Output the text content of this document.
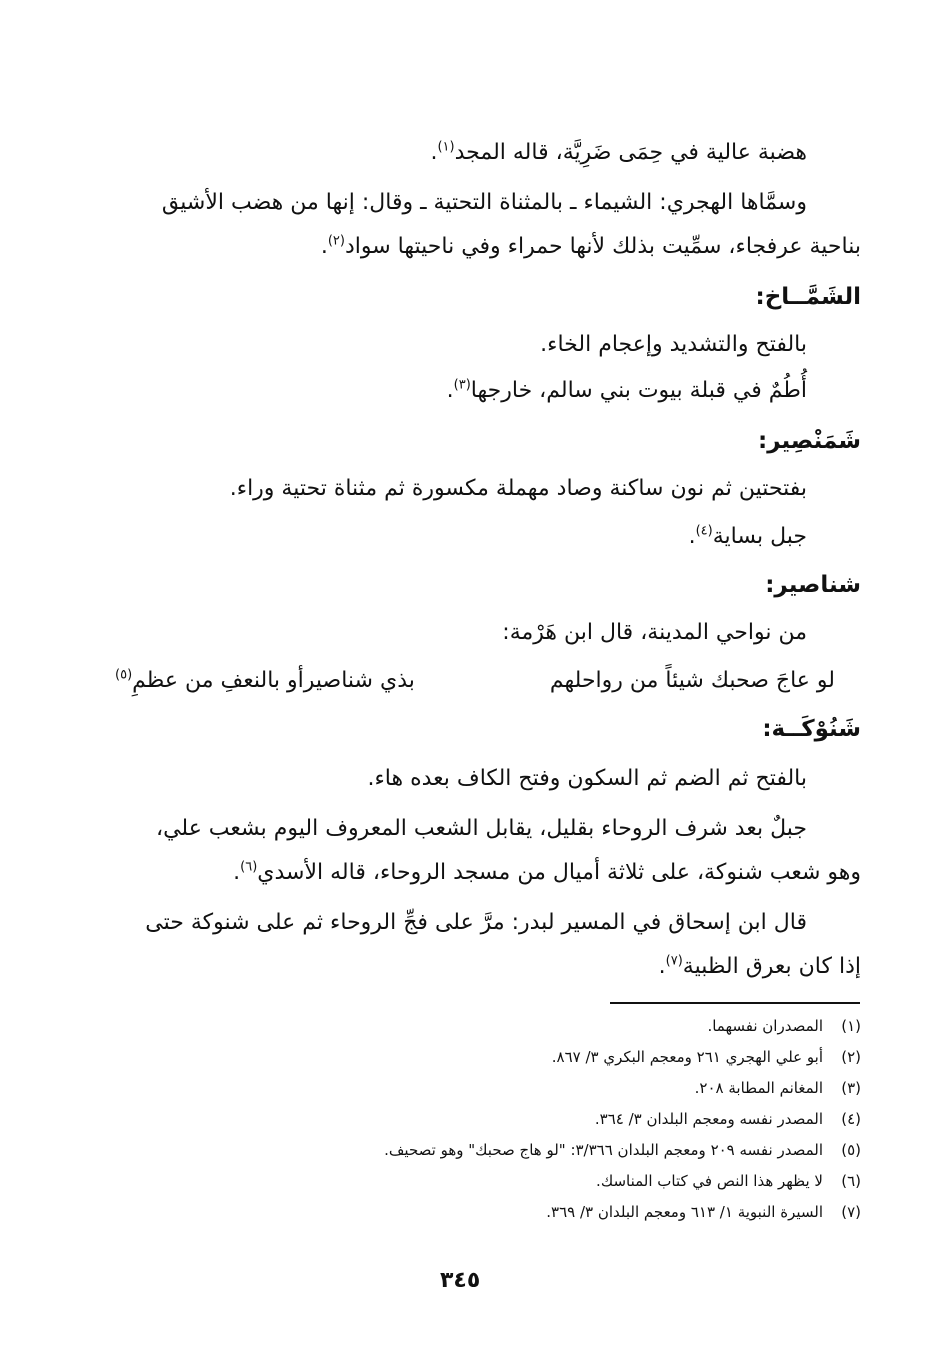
هضبة عالية في حِمَى ضَرِيَّة، قاله المجد$^{(١)}$.
وسمَّاها الهجري: الشيماء ـ بالمثناة التحتية ـ وقال: إنها من هضب الأشيق
بناحية عرفجاء، سمِّيت بذلك لأنها حمراء وفي ناحيتها سواد$^{(٢)}$.
الشَمَّــاخ:
بالفتح والتشديد وإعجام الخاء.
أُطُمٌ في قبلة بيوت بني سالم، خارجها$^{(٣)}$.
شَمَنْصِير:
بفتحتين ثم نون ساكنة وصاد مهملة مكسورة ثم مثناة تحتية وراء.
جبل بساية$^{(٤)}$.
شناصير:
من نواحي المدينة، قال ابن هَرْمة:
لو عاجَ صحبك شيئاً من رواحلهم
بذي شناصيرأو بالنعفِ من عظمِ$^{(٥)}$
شَنُوْكَــة:
بالفتح ثم الضم ثم السكون وفتح الكاف بعده هاء.
جبلٌ بعد شرف الروحاء بقليل، يقابل الشعب المعروف اليوم بشعب علي،
وهو شعب شنوكة، على ثلاثة أميال من مسجد الروحاء، قاله الأسدي$^{(٦)}$.
قال ابن إسحاق في المسير لبدر: مرَّ على فجِّ الروحاء ثم على شنوكة حتى
إذا كان بعرق الظبية$^{(٧)}$.
(١)المصدران نفسهما.
(٢)أبو علي الهجري ٢٦١ ومعجم البكري ٣/ ٨٦٧.
(٣)المغانم المطابة ٢٠٨.
(٤)المصدر نفسه ومعجم البلدان ٣/ ٣٦٤.
(٥)المصدر نفسه ٢٠٩ ومعجم البلدان ٣/٣٦٦: "لو هاج صحبك" وهو تصحيف.
(٦)لا يظهر هذا النص في كتاب المناسك.
(٧)السيرة النبوية ١/ ٦١٣ ومعجم البلدان ٣/ ٣٦٩.
٣٤٥
